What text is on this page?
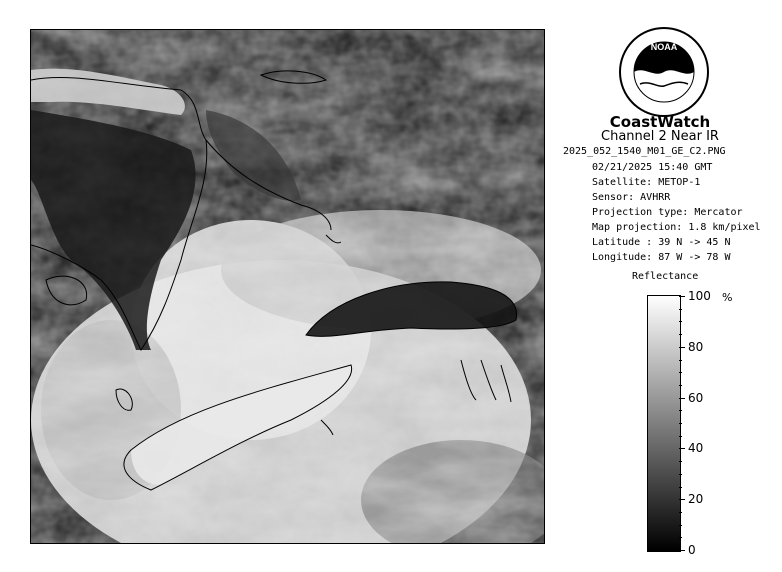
NOAA
CoastWatch
Channel 2 Near IR
2025_052_1540_M01_GE_C2.PNG
02/21/2025 15:40 GMT
Satellite: METOP-1
Sensor: AVHRR
Projection type: Mercator
Map projection: 1.8 km/pixel
Latitude : 39 N -> 45 N
Longitude: 87 W -> 78 W
Reflectance
%
100
80
60
40
20
0
